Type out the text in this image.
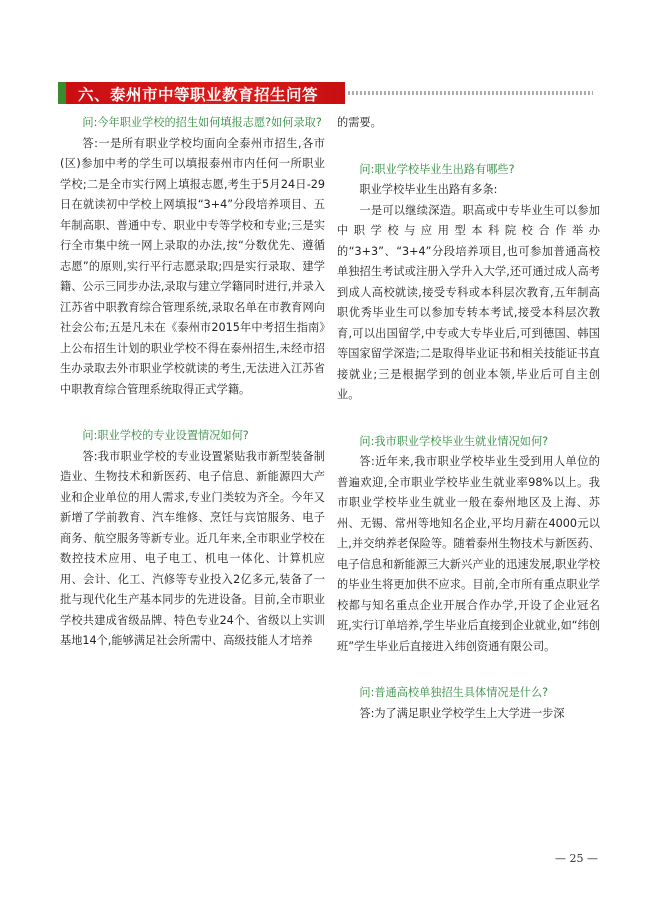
六、泰州市中等职业教育招生问答

问:今年职业学校的招生如何填报志愿?如何录取?

答:一是所有职业学校均面向全泰州市招生,各市(区)参加中考的学生可以填报泰州市内任何一所职业学校;二是全市实行网上填报志愿,考生于5月24日-29日在就读初中学校上网填报“3+4”分段培养项目、五年制高职、普通中专、职业中专等学校和专业;三是实行全市集中统一网上录取的办法,按“分数优先、遵循志愿”的原则,实行平行志愿录取;四是实行录取、建学籍、公示三同步办法,录取与建立学籍同时进行,并录入江苏省中职教育综合管理系统,录取名单在市教育网向社会公布;五是凡未在《泰州市2015年中考招生指南》上公布招生计划的职业学校不得在泰州招生,未经市招生办录取去外市职业学校就读的考生,无法进入江苏省中职教育综合管理系统取得正式学籍。

问:职业学校的专业设置情况如何?

答:我市职业学校的专业设置紧贴我市新型装备制造业、生物技术和新医药、电子信息、新能源四大产业和企业单位的用人需求,专业门类较为齐全。今年又新增了学前教育、汽车维修、烹饪与宾馆服务、电子商务、航空服务等新专业。近几年来,全市职业学校在数控技术应用、电子电工、机电一体化、计算机应用、会计、化工、汽修等专业投入2亿多元,装备了一批与现代化生产基本同步的先进设备。目前,全市职业学校共建成省级品牌、特色专业24个、省级以上实训基地14个,能够满足社会所需中、高级技能人才培养

的需要。

问:职业学校毕业生出路有哪些?

职业学校毕业生出路有多条:

一是可以继续深造。职高或中专毕业生可以参加中职学校与应用型本科院校合作举办的“3+3”、“3+4”分段培养项目,也可参加普通高校单独招生考试或注册入学升入大学,还可通过成人高考到成人高校就读,接受专科或本科层次教育,五年制高职优秀毕业生可以参加专转本考试,接受本科层次教育,可以出国留学,中专或大专毕业后,可到德国、韩国等国家留学深造;二是取得毕业证书和相关技能证书直接就业;三是根据学到的创业本领,毕业后可自主创业。

问:我市职业学校毕业生就业情况如何?

答:近年来,我市职业学校毕业生受到用人单位的普遍欢迎,全市职业学校毕业生就业率98%以上。我市职业学校毕业生就业一般在泰州地区及上海、苏州、无锡、常州等地知名企业,平均月薪在4000元以上,并交纳养老保险等。随着泰州生物技术与新医药、电子信息和新能源三大新兴产业的迅速发展,职业学校的毕业生将更加供不应求。目前,全市所有重点职业学校都与知名重点企业开展合作办学,开设了企业冠名班,实行订单培养,学生毕业后直接到企业就业,如“纬创班”学生毕业后直接进入纬创资通有限公司。

问:普通高校单独招生具体情况是什么?

答:为了满足职业学校学生上大学进一步深

— 25 —
